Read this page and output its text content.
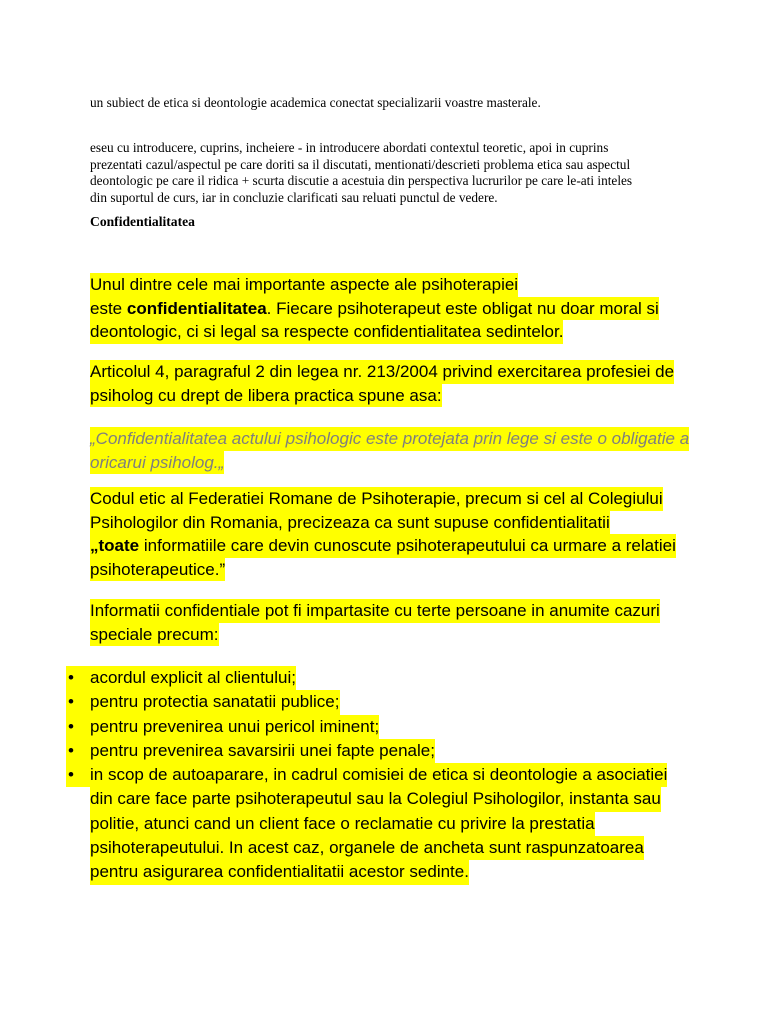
un subiect de etica si deontologie academica conectat specializarii voastre masterale.
eseu cu introducere, cuprins, incheiere - in introducere abordati contextul teoretic, apoi in cuprins
prezentati cazul/aspectul pe care doriti sa il discutati, mentionati/descrieti problema etica sau aspectul
deontologic pe care il ridica + scurta discutie a acestuia din perspectiva lucrurilor pe care le-ati inteles
din suportul de curs, iar in concluzie clarificati sau reluati punctul de vedere.
Confidentialitatea
Unul dintre cele mai importante aspecte ale psihoterapiei
este confidentialitatea. Fiecare psihoterapeut este obligat nu doar moral si
deontologic, ci si legal sa respecte confidentialitatea sedintelor.
Articolul 4, paragraful 2 din legea nr. 213/2004 privind exercitarea profesiei de
psiholog cu drept de libera practica spune asa:
„Confidentialitatea actului psihologic este protejata prin lege si este o obligatie a
oricarui psiholog.„
Codul etic al Federatiei Romane de Psihoterapie, precum si cel al Colegiului
Psihologilor din Romania, precizeaza ca sunt supuse confidentialitatii
„toate informatiile care devin cunoscute psihoterapeutului ca urmare a relatiei
psihoterapeutice.”
Informatii confidentiale pot fi impartasite cu terte persoane in anumite cazuri
speciale precum:
• acordul explicit al clientului;
• pentru protectia sanatatii publice;
• pentru prevenirea unui pericol iminent;
• pentru prevenirea savarsirii unei fapte penale;
• in scop de autoaparare, in cadrul comisiei de etica si deontologie a asociatiei
din care face parte psihoterapeutul sau la Colegiul Psihologilor, instanta sau
politie, atunci cand un client face o reclamatie cu privire la prestatia
psihoterapeutului. In acest caz, organele de ancheta sunt raspunzatoarea
pentru asigurarea confidentialitatii acestor sedinte.
